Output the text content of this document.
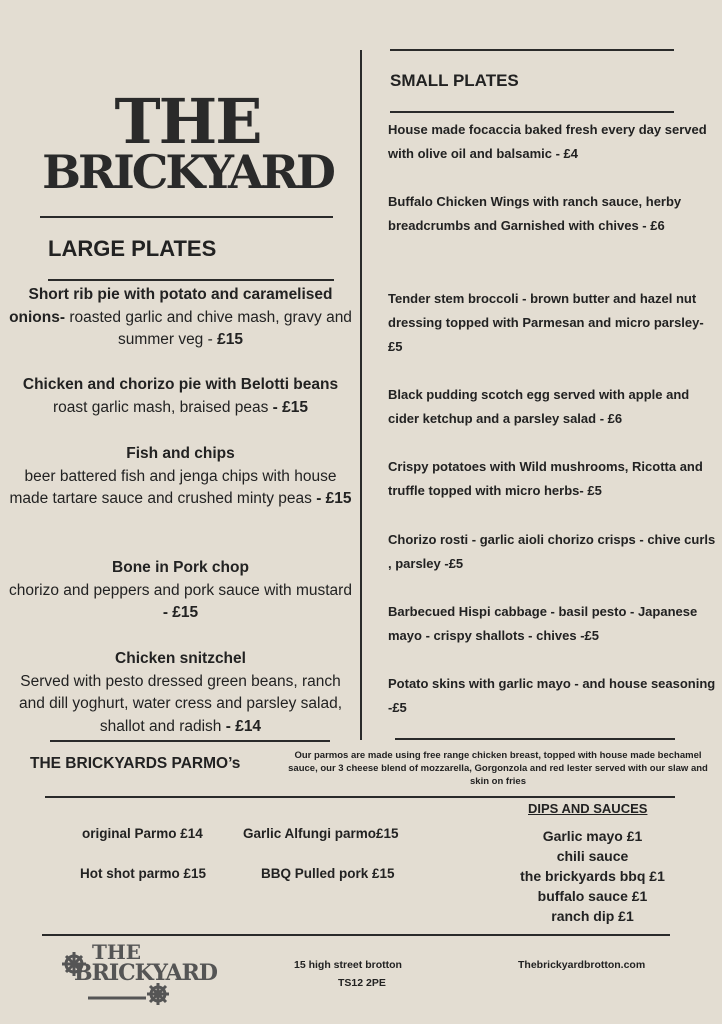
THE
BRICKYARD
LARGE PLATES
Short rib pie with potato and caramelised onions- roasted garlic and chive mash, gravy and summer veg - £15
Chicken and chorizo pie with Belotti beans
roast garlic mash, braised peas - £15
Fish and chips
beer battered fish and jenga chips with house made tartare sauce and crushed minty peas - £15
Bone in Pork chop
chorizo and peppers and pork sauce with mustard - £15
Chicken snitzchel
Served with pesto dressed green beans, ranch and dill yoghurt, water cress and parsley salad, shallot and radish - £14
SMALL PLATES
House made focaccia baked fresh every day served with olive oil and balsamic - £4
Buffalo Chicken Wings with ranch sauce, herby breadcrumbs and Garnished with chives - £6
Tender stem broccoli - brown butter and hazel nut dressing topped with Parmesan and micro parsley-£5
Black pudding scotch egg served with apple and cider ketchup and a parsley salad - £6
Crispy potatoes with Wild mushrooms, Ricotta and truffle topped with micro herbs- £5
Chorizo rosti - garlic aioli chorizo crisps - chive curls , parsley -£5
Barbecued Hispi cabbage - basil pesto - Japanese mayo - crispy shallots - chives -£5
Potato skins with garlic mayo - and house seasoning -£5
THE BRICKYARDS PARMO’s	Our parmos are made using free range chicken breast, topped with house made bechamel sauce, our 3 cheese blend of mozzarella, Gorgonzola and red lester served with our slaw and skin on fries
original Parmo £14	Garlic Alfungi parmo£15
Hot shot parmo £15	BBQ Pulled pork £15
DIPS AND SAUCES
Garlic mayo £1
chili sauce
the brickyards bbq £1
buffalo sauce £1
ranch dip £1
THE
BRICKYARD	15 high street brotton
TS12 2PE
Thebrickyardbrotton.com
